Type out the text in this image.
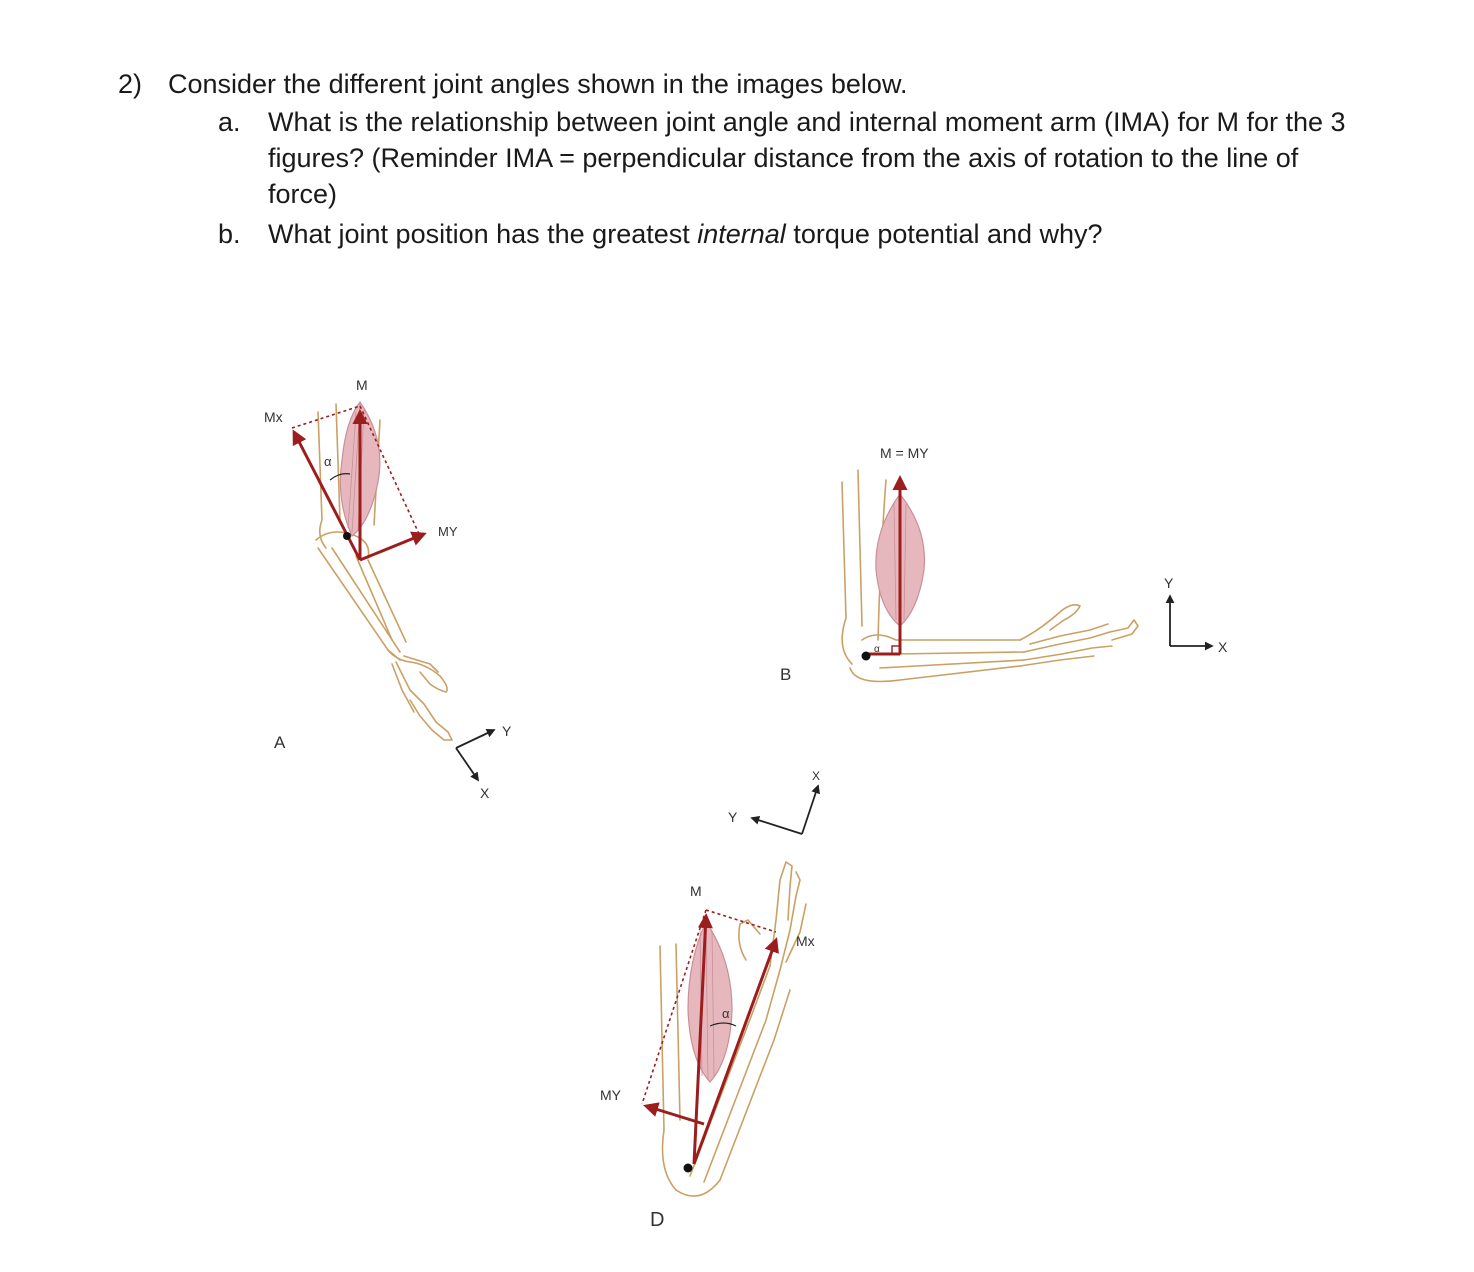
2) Consider the different joint angles shown in the images below.
a. What is the relationship between joint angle and internal moment arm (IMA) for M for the 3 figures? (Reminder IMA = perpendicular distance from the axis of rotation to the line of force)
b. What joint position has the greatest internal torque potential and why?
M
Mx
MY
α
A
Y
X
α
M = MY
B
Y
X
M
Mx
MY
α
D
Y
X
